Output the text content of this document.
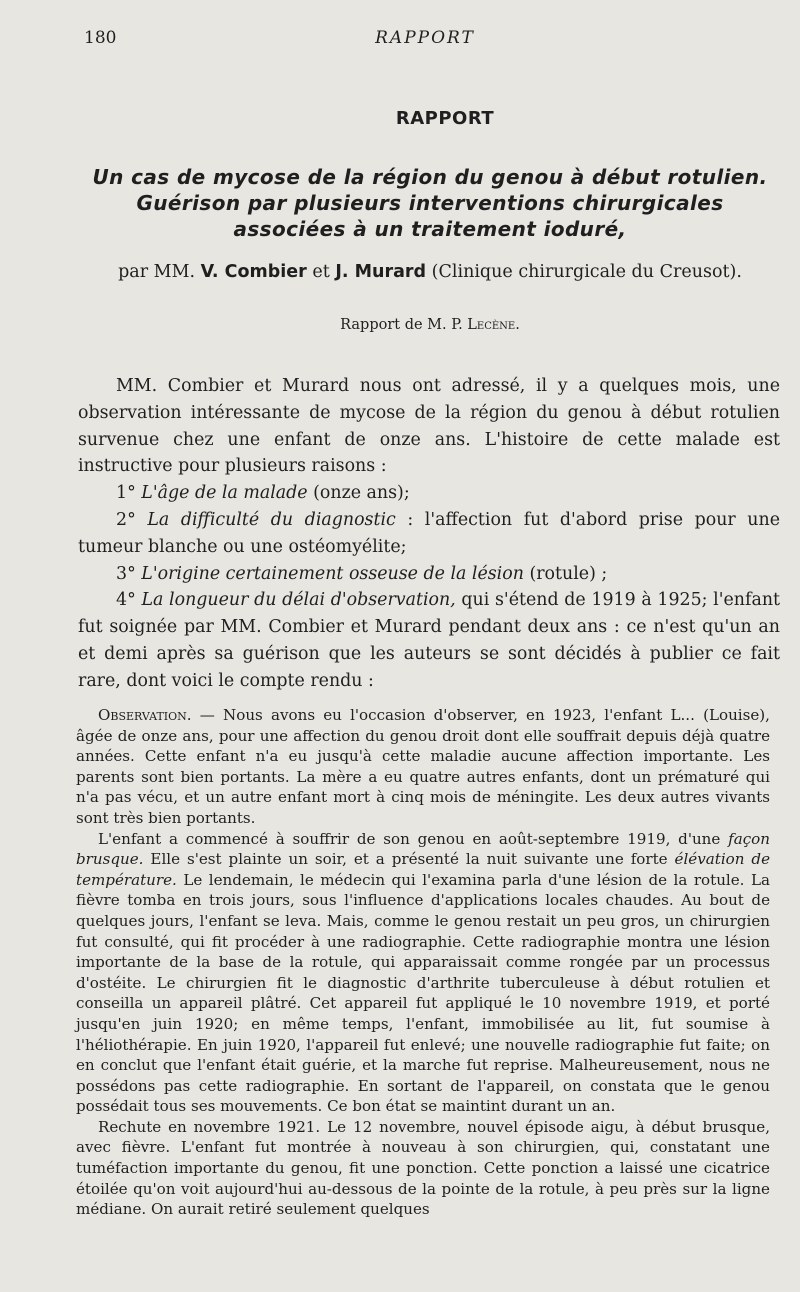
180	RAPPORT
RAPPORT
Un cas de mycose de la région du genou à début rotulien.
Guérison par plusieurs interventions chirurgicales
associées à un traitement ioduré,
par MM. V. Combier et J. Murard (Clinique chirurgicale du Creusot).
Rapport de M. P. Lecène.

MM. Combier et Murard nous ont adressé, il y a quelques mois, une observation intéressante de mycose de la région du genou à début rotulien survenue chez une enfant de onze ans. L'histoire de cette malade est instructive pour plusieurs raisons :

1° L'âge de la malade (onze ans);

2° La difficulté du diagnostic : l'affection fut d'abord prise pour une tumeur blanche ou une ostéomyélite;

3° L'origine certainement osseuse de la lésion (rotule) ;

4° La longueur du délai d'observation, qui s'étend de 1919 à 1925; l'enfant fut soignée par MM. Combier et Murard pendant deux ans : ce n'est qu'un an et demi après sa guérison que les auteurs se sont décidés à publier ce fait rare, dont voici le compte rendu :

Observation. — Nous avons eu l'occasion d'observer, en 1923, l'enfant L... (Louise), âgée de onze ans, pour une affection du genou droit dont elle souffrait depuis déjà quatre années. Cette enfant n'a eu jusqu'à cette maladie aucune affection importante. Les parents sont bien portants. La mère a eu quatre autres enfants, dont un prématuré qui n'a pas vécu, et un autre enfant mort à cinq mois de méningite. Les deux autres vivants sont très bien portants.

L'enfant a commencé à souffrir de son genou en août-septembre 1919, d'une façon brusque. Elle s'est plainte un soir, et a présenté la nuit suivante une forte élévation de température. Le lendemain, le médecin qui l'examina parla d'une lésion de la rotule. La fièvre tomba en trois jours, sous l'influence d'applications locales chaudes. Au bout de quelques jours, l'enfant se leva. Mais, comme le genou restait un peu gros, un chirurgien fut consulté, qui fit procéder à une radiographie. Cette radiographie montra une lésion importante de la base de la rotule, qui apparaissait comme rongée par un processus d'ostéite. Le chirurgien fit le diagnostic d'arthrite tuberculeuse à début rotulien et conseilla un appareil plâtré. Cet appareil fut appliqué le 10 novembre 1919, et porté jusqu'en juin 1920; en même temps, l'enfant, immobilisée au lit, fut soumise à l'héliothérapie. En juin 1920, l'appareil fut enlevé; une nouvelle radiographie fut faite; on en conclut que l'enfant était guérie, et la marche fut reprise. Malheureusement, nous ne possédons pas cette radiographie. En sortant de l'appareil, on constata que le genou possédait tous ses mouvements. Ce bon état se maintint durant un an.

Rechute en novembre 1921. Le 12 novembre, nouvel épisode aigu, à début brusque, avec fièvre. L'enfant fut montrée à nouveau à son chirurgien, qui, constatant une tuméfaction importante du genou, fit une ponction. Cette ponction a laissé une cicatrice étoilée qu'on voit aujourd'hui au-dessous de la pointe de la rotule, à peu près sur la ligne médiane. On aurait retiré seulement quelques
